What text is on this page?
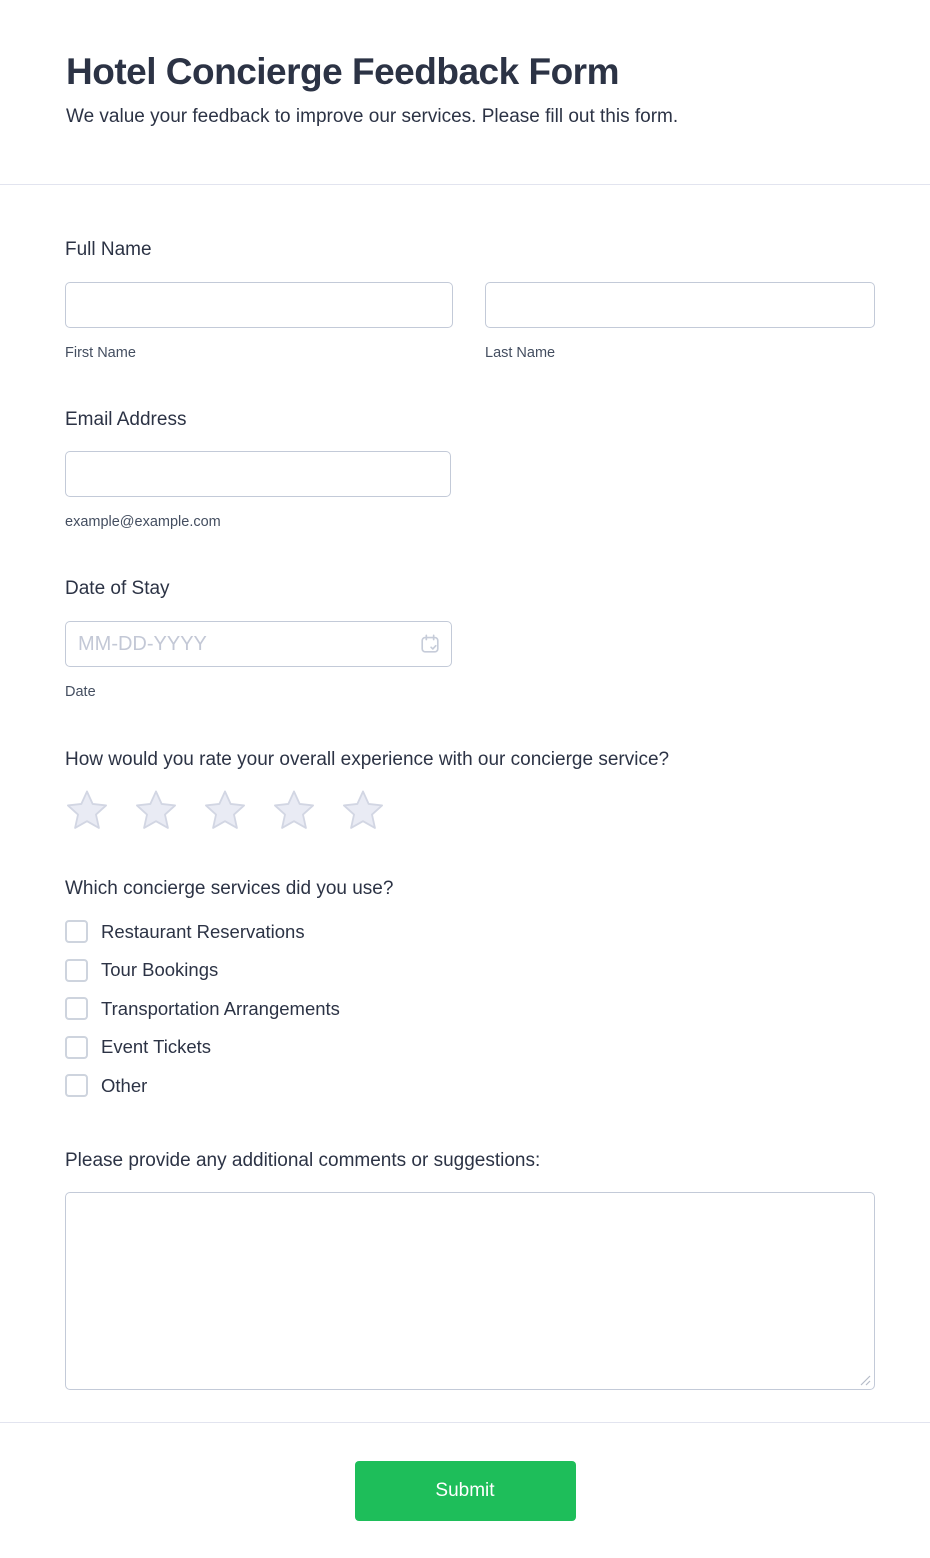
Hotel Concierge Feedback Form
We value your feedback to improve our services. Please fill out this form.
Full Name
First Name	Last Name
Email Address
example@example.com
Date of Stay
MM-DD-YYYY
Date
How would you rate your overall experience with our concierge service?
Which concierge services did you use?
Restaurant Reservations
Tour Bookings
Transportation Arrangements
Event Tickets
Other
Please provide any additional comments or suggestions:
Submit
